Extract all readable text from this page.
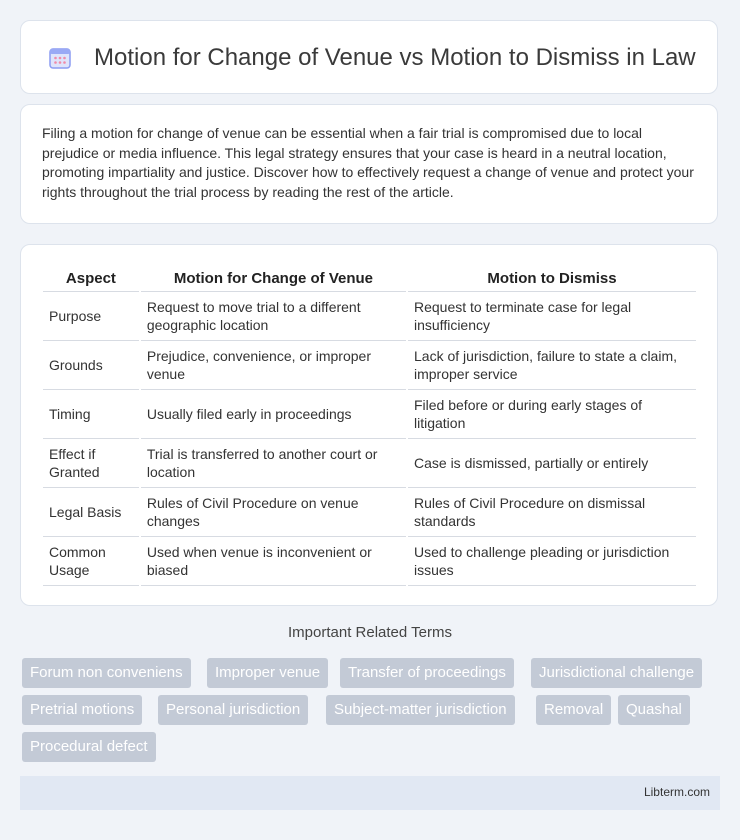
Motion for Change of Venue vs Motion to Dismiss in Law

Filing a motion for change of venue can be essential when a fair trial is compromised due to local prejudice or media influence. This legal strategy ensures that your case is heard in a neutral location, promoting impartiality and justice. Discover how to effectively request a change of venue and protect your rights throughout the trial process by reading the rest of the article.

Aspect	Motion for Change of Venue	Motion to Dismiss
Purpose	Request to move trial to a different geographic location	Request to terminate case for legal insufficiency
Grounds	Prejudice, convenience, or improper venue	Lack of jurisdiction, failure to state a claim, improper service
Timing	Usually filed early in proceedings	Filed before or during early stages of litigation
Effect if Granted	Trial is transferred to another court or location	Case is dismissed, partially or entirely
Legal Basis	Rules of Civil Procedure on venue changes	Rules of Civil Procedure on dismissal standards
Common Usage	Used when venue is inconvenient or biased	Used to challenge pleading or jurisdiction issues
Important Related Terms
Forum non conveniens	Improper venue	Transfer of proceedings	Jurisdictional challenge
Pretrial motions	Personal jurisdiction	Subject-matter jurisdiction	Removal	Quashal
Procedural defect
Libterm.com
